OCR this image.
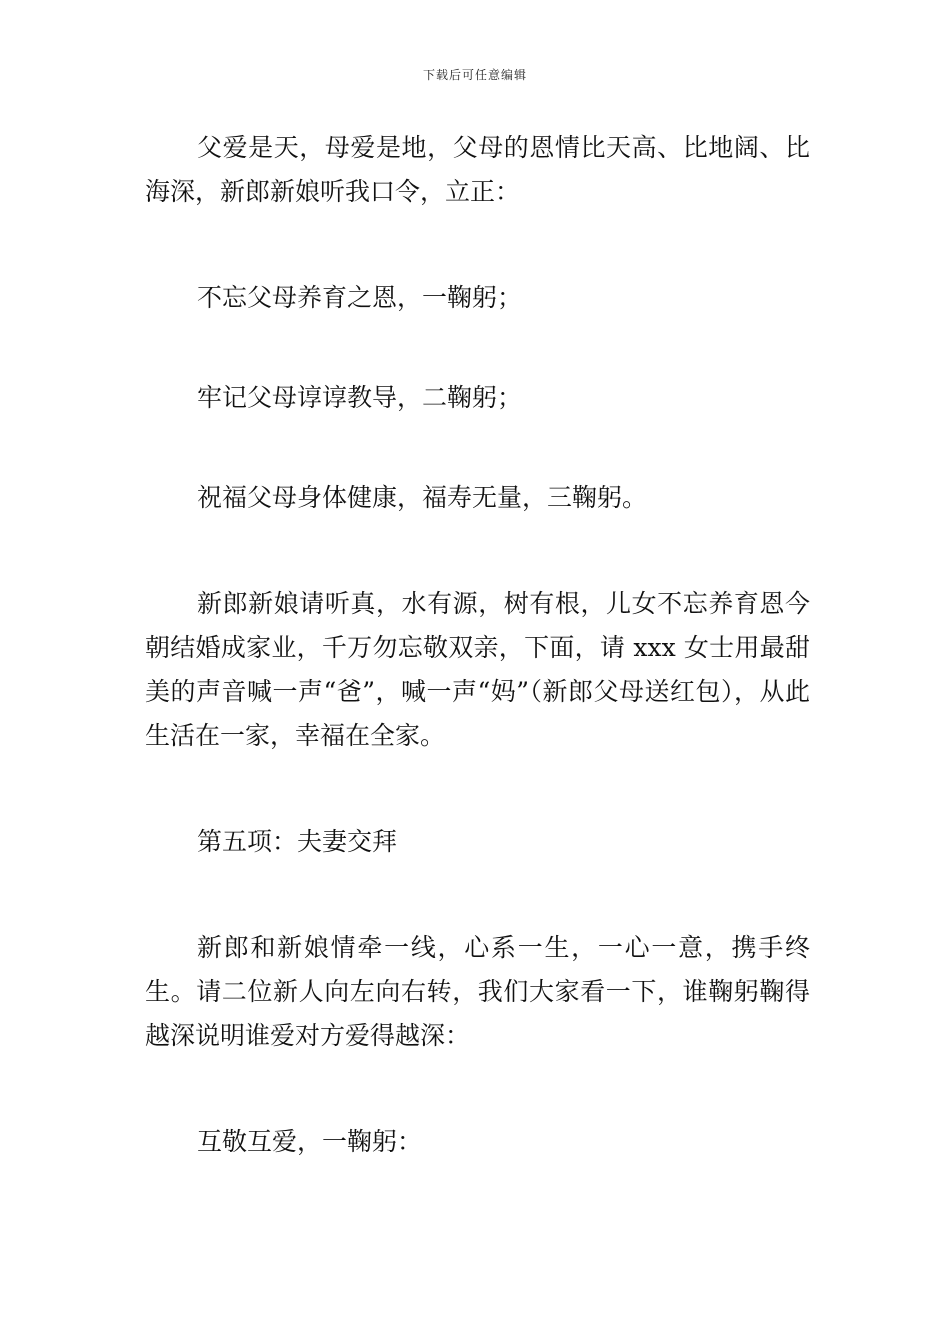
下载后可任意编辑

父爱是天，母爱是地，父母的恩情比天高、比地阔、比海深，新郎新娘听我口令，立正：

不忘父母养育之恩，一鞠躬；

牢记父母谆谆教导，二鞠躬；

祝福父母身体健康，福寿无量，三鞠躬。

新郎新娘请听真，水有源，树有根，儿女不忘养育恩今朝结婚成家业，千万勿忘敬双亲，下面，请 xxx 女士用最甜美的声音喊一声“爸”，喊一声“妈”（新郎父母送红包），从此生活在一家，幸福在全家。

第五项：夫妻交拜

新郎和新娘情牵一线，心系一生，一心一意，携手终生。请二位新人向左向右转，我们大家看一下，谁鞠躬鞠得越深说明谁爱对方爱得越深：

互敬互爱，一鞠躬：
